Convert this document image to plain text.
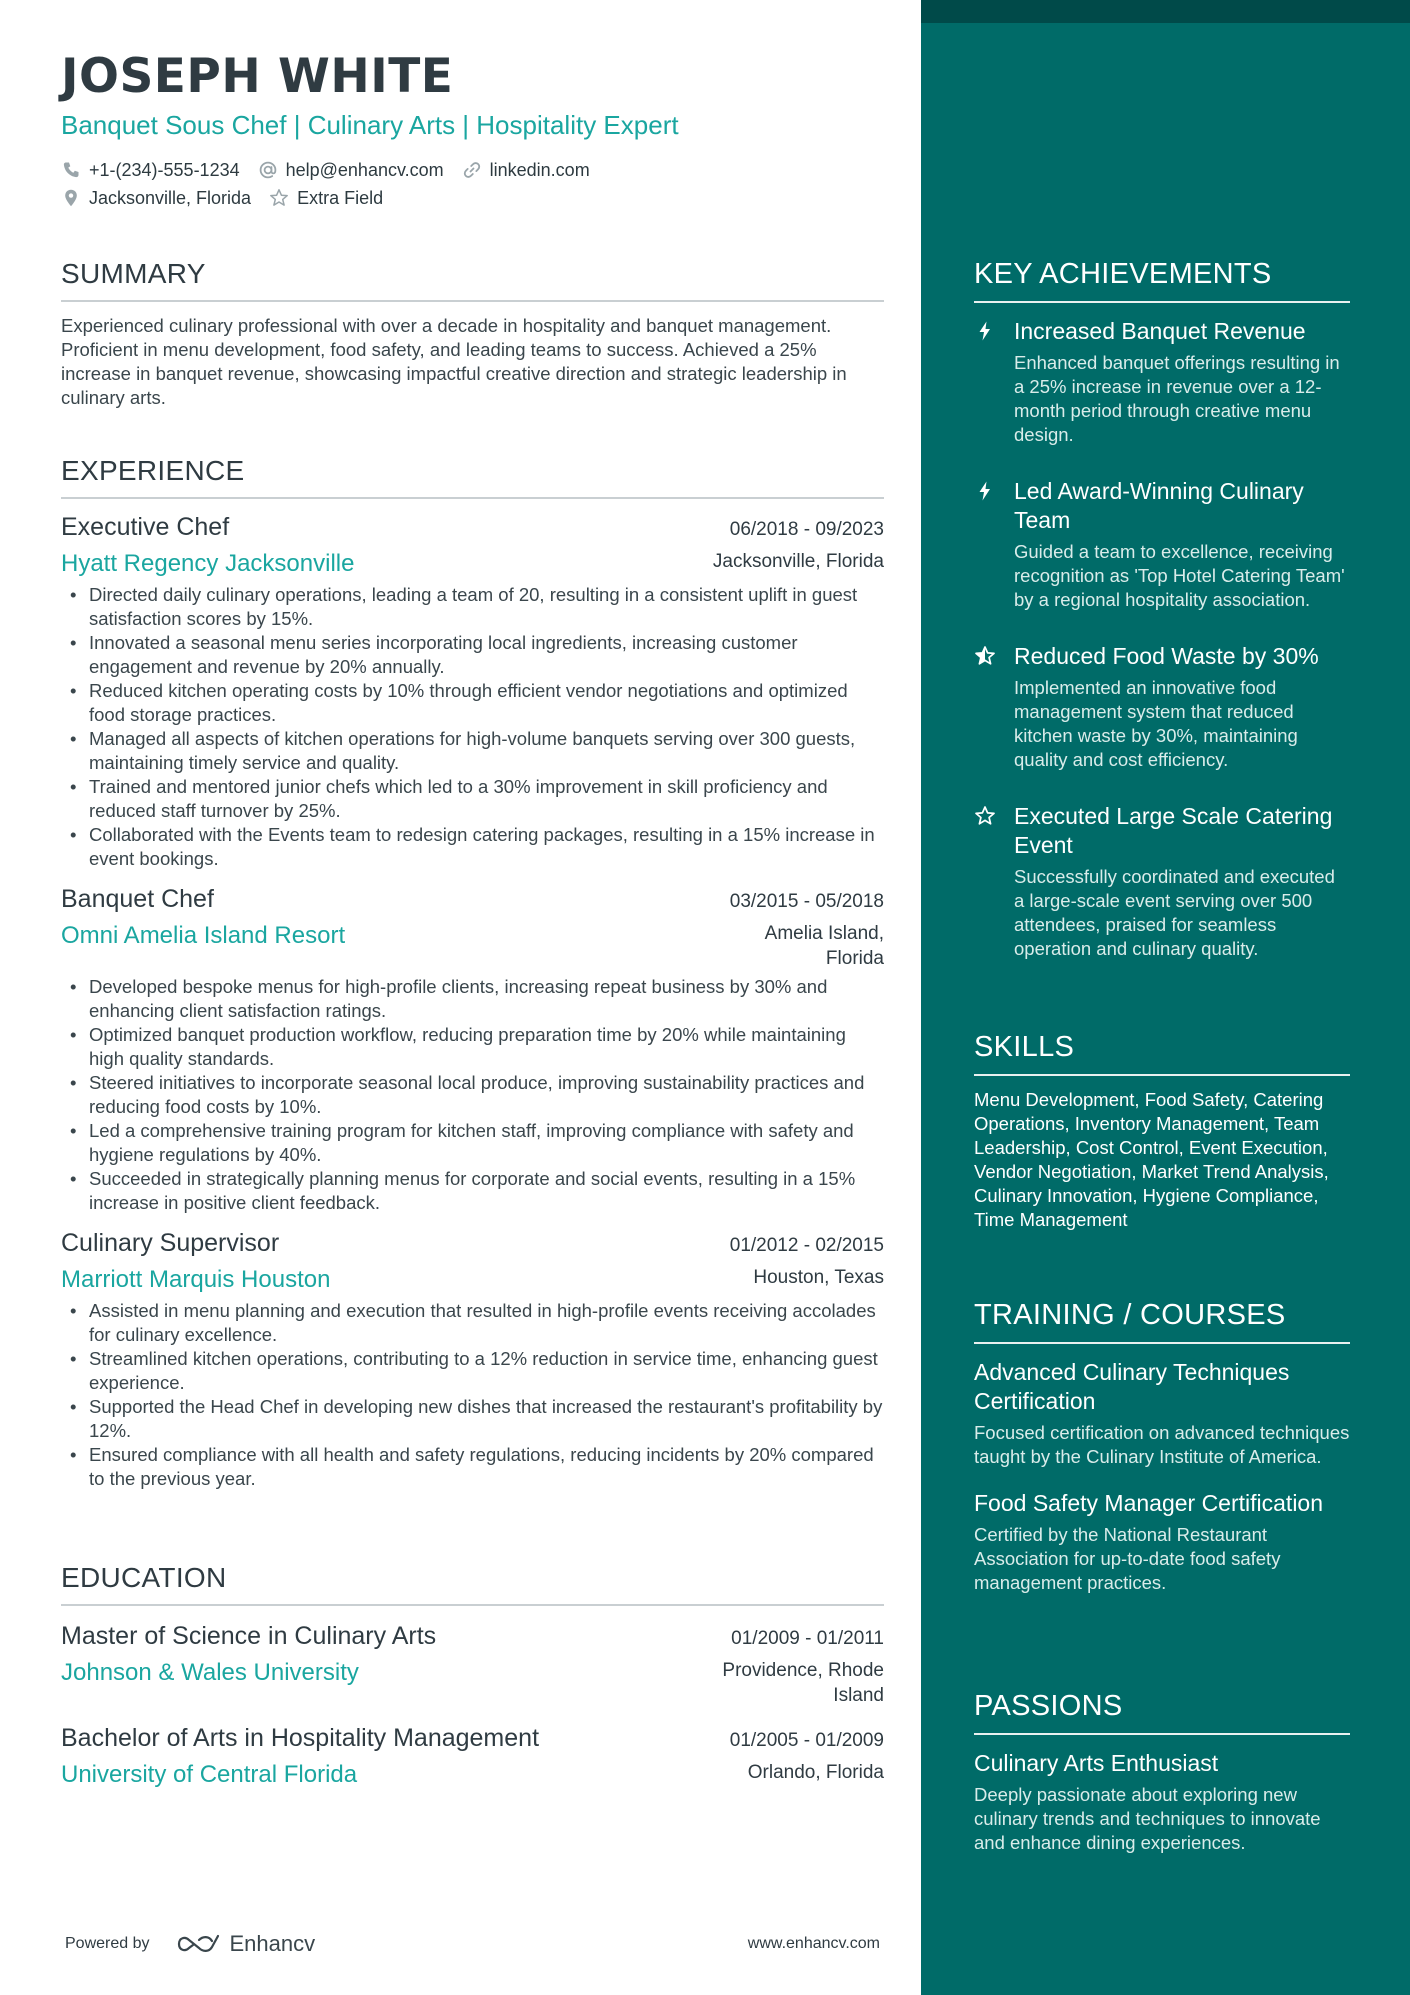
JOSEPH WHITE
Banquet Sous Chef | Culinary Arts | Hospitality Expert
+1-(234)-555-1234	help@enhancv.com	linkedin.com
Jacksonville, Florida	Extra Field
SUMMARY
Experienced culinary professional with over a decade in hospitality and banquet management. Proficient in menu development, food safety, and leading teams to success. Achieved a 25% increase in banquet revenue, showcasing impactful creative direction and strategic leadership in culinary arts.
EXPERIENCE
Executive Chef	06/2018 - 09/2023
Hyatt Regency Jacksonville	Jacksonville, Florida
• Directed daily culinary operations, leading a team of 20, resulting in a consistent uplift in guest satisfaction scores by 15%.
• Innovated a seasonal menu series incorporating local ingredients, increasing customer engagement and revenue by 20% annually.
• Reduced kitchen operating costs by 10% through efficient vendor negotiations and optimized food storage practices.
• Managed all aspects of kitchen operations for high-volume banquets serving over 300 guests, maintaining timely service and quality.
• Trained and mentored junior chefs which led to a 30% improvement in skill proficiency and reduced staff turnover by 25%.
• Collaborated with the Events team to redesign catering packages, resulting in a 15% increase in event bookings.
Banquet Chef	03/2015 - 05/2018
Omni Amelia Island Resort	Amelia Island, Florida
• Developed bespoke menus for high-profile clients, increasing repeat business by 30% and enhancing client satisfaction ratings.
• Optimized banquet production workflow, reducing preparation time by 20% while maintaining high quality standards.
• Steered initiatives to incorporate seasonal local produce, improving sustainability practices and reducing food costs by 10%.
• Led a comprehensive training program for kitchen staff, improving compliance with safety and hygiene regulations by 40%.
• Succeeded in strategically planning menus for corporate and social events, resulting in a 15% increase in positive client feedback.
Culinary Supervisor	01/2012 - 02/2015
Marriott Marquis Houston	Houston, Texas
• Assisted in menu planning and execution that resulted in high-profile events receiving accolades for culinary excellence.
• Streamlined kitchen operations, contributing to a 12% reduction in service time, enhancing guest experience.
• Supported the Head Chef in developing new dishes that increased the restaurant's profitability by 12%.
• Ensured compliance with all health and safety regulations, reducing incidents by 20% compared to the previous year.
EDUCATION
Master of Science in Culinary Arts	01/2009 - 01/2011
Johnson & Wales University	Providence, Rhode Island
Bachelor of Arts in Hospitality Management	01/2005 - 01/2009
University of Central Florida	Orlando, Florida
Powered by	Enhancv	www.enhancv.com
KEY ACHIEVEMENTS
Increased Banquet Revenue
Enhanced banquet offerings resulting in a 25% increase in revenue over a 12-month period through creative menu design.
Led Award-Winning Culinary Team
Guided a team to excellence, receiving recognition as 'Top Hotel Catering Team' by a regional hospitality association.
Reduced Food Waste by 30%
Implemented an innovative food management system that reduced kitchen waste by 30%, maintaining quality and cost efficiency.
Executed Large Scale Catering Event
Successfully coordinated and executed a large-scale event serving over 500 attendees, praised for seamless operation and culinary quality.
SKILLS
Menu Development, Food Safety, Catering Operations, Inventory Management, Team Leadership, Cost Control, Event Execution, Vendor Negotiation, Market Trend Analysis, Culinary Innovation, Hygiene Compliance, Time Management
TRAINING / COURSES
Advanced Culinary Techniques Certification
Focused certification on advanced techniques taught by the Culinary Institute of America.
Food Safety Manager Certification
Certified by the National Restaurant Association for up-to-date food safety management practices.
PASSIONS
Culinary Arts Enthusiast
Deeply passionate about exploring new culinary trends and techniques to innovate and enhance dining experiences.
